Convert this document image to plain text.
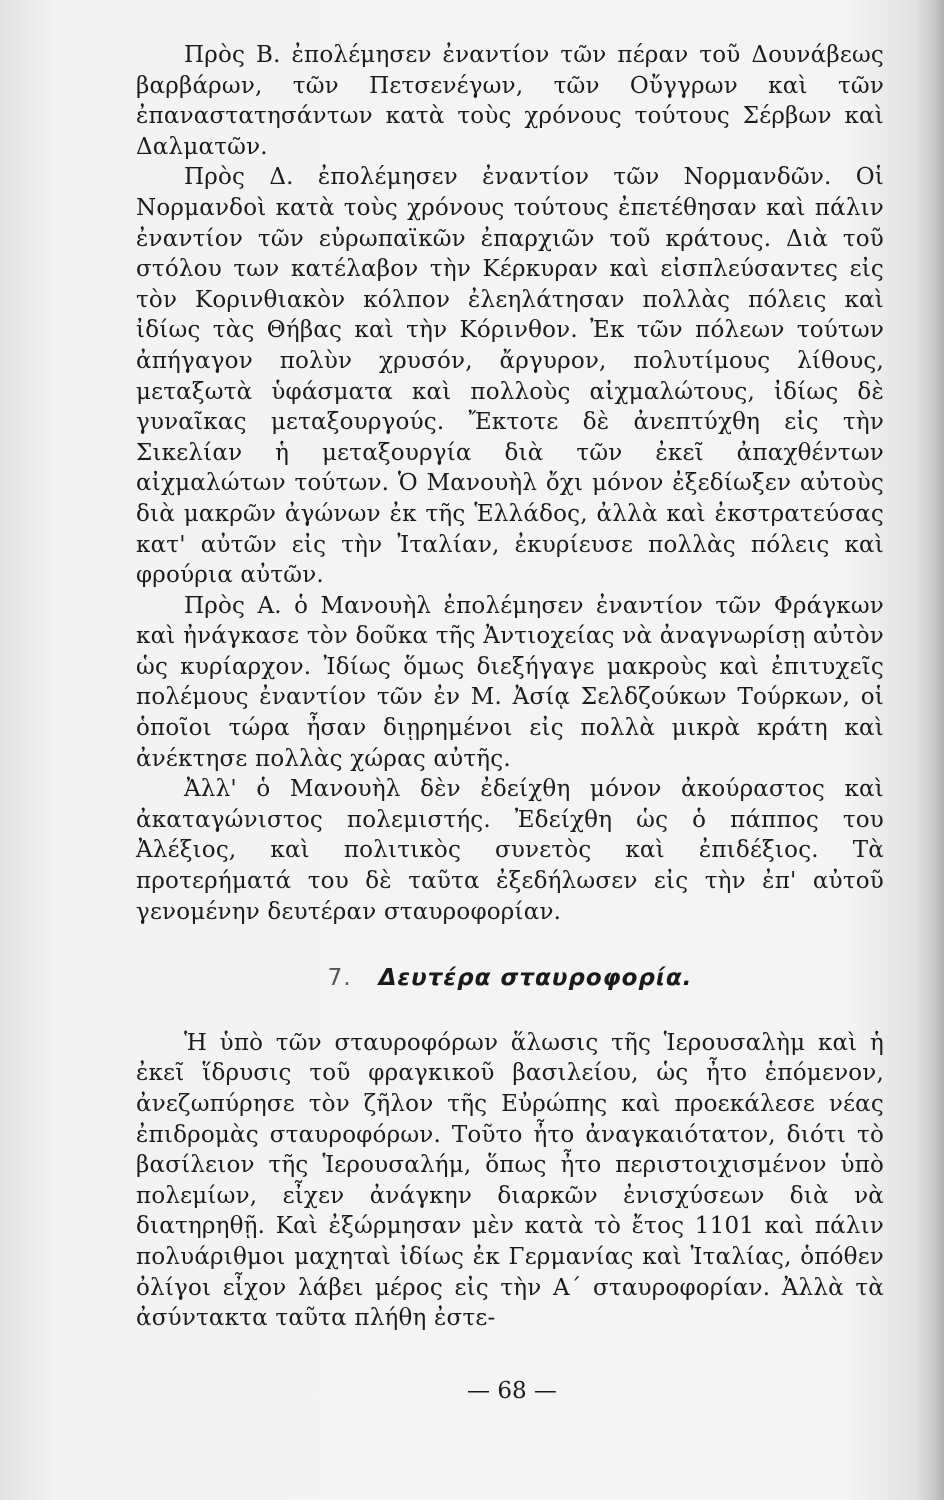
Πρὸς Β. ἐπολέμησεν ἐναντίον τῶν πέραν τοῦ Δουνάβεως βαρβάρων, τῶν Πετσενέγων, τῶν Οὔγγρων καὶ τῶν ἐπαναστατησάντων κατὰ τοὺς χρόνους τούτους Σέρβων καὶ Δαλματῶν.

Πρὸς Δ. ἐπολέμησεν ἐναντίον τῶν Νορμανδῶν. Οἱ Νορμανδοὶ κατὰ τοὺς χρόνους τούτους ἐπετέθησαν καὶ πάλιν ἐναντίον τῶν εὐρωπαϊκῶν ἐπαρχιῶν τοῦ κράτους. Διὰ τοῦ στόλου των κατέλαβον τὴν Κέρκυραν καὶ εἰσπλεύσαντες εἰς τὸν Κορινθιακὸν κόλπον ἐλεηλάτησαν πολλὰς πόλεις καὶ ἰδίως τὰς Θήβας καὶ τὴν Κόρινθον. Ἐκ τῶν πόλεων τούτων ἀπήγαγον πολὺν χρυσόν, ἄργυρον, πολυτίμους λίθους, μεταξωτὰ ὑφάσματα καὶ πολλοὺς αἰχμαλώτους, ἰδίως δὲ γυναῖκας μεταξουργούς. Ἔκτοτε δὲ ἀνεπτύχθη εἰς τὴν Σικελίαν ἡ μεταξουργία διὰ τῶν ἐκεῖ ἀπαχθέντων αἰχμαλώτων τούτων. Ὁ Μανουὴλ ὄχι μόνον ἐξεδίωξεν αὐτοὺς διὰ μακρῶν ἀγώνων ἐκ τῆς Ἑλλάδος, ἀλλὰ καὶ ἐκστρατεύσας κατ' αὐτῶν εἰς τὴν Ἰταλίαν, ἐκυρίευσε πολλὰς πόλεις καὶ φρούρια αὐτῶν.

Πρὸς Α. ὁ Μανουὴλ ἐπολέμησεν ἐναντίον τῶν Φράγκων καὶ ἠνάγκασε τὸν δοῦκα τῆς Ἀντιοχείας νὰ ἀναγνωρίσῃ αὐτὸν ὡς κυρίαρχον. Ἰδίως ὅμως διεξήγαγε μακροὺς καὶ ἐπιτυχεῖς πολέμους ἐναντίον τῶν ἐν Μ. Ἀσίᾳ Σελδζούκων Τούρκων, οἱ ὁποῖοι τώρα ἦσαν διῃρημένοι εἰς πολλὰ μικρὰ κράτη καὶ ἀνέκτησε πολλὰς χώρας αὐτῆς.

Ἀλλ' ὁ Μανουὴλ δὲν ἐδείχθη μόνον ἀκούραστος καὶ ἀκαταγώνιστος πολεμιστής. Ἐδείχθη ὡς ὁ πάππος του Ἀλέξιος, καὶ πολιτικὸς συνετὸς καὶ ἐπιδέξιος. Τὰ προτερήματά του δὲ ταῦτα ἐξεδήλωσεν εἰς τὴν ἐπ' αὐτοῦ γενομένην δευτέραν σταυροφορίαν.

7. Δευτέρα σταυροφορία.

Ἡ ὑπὸ τῶν σταυροφόρων ἅλωσις τῆς Ἱερουσαλὴμ καὶ ἡ ἐκεῖ ἵδρυσις τοῦ φραγκικοῦ βασιλείου, ὡς ἦτο ἑπόμενον, ἀνεζωπύρησε τὸν ζῆλον τῆς Εὐρώπης καὶ προεκάλεσε νέας ἐπιδρομὰς σταυροφόρων. Τοῦτο ἦτο ἀναγκαιότατον, διότι τὸ βασίλειον τῆς Ἱερουσαλήμ, ὅπως ἦτο περιστοιχισμένον ὑπὸ πολεμίων, εἶχεν ἀνάγκην διαρκῶν ἐνισχύσεων διὰ νὰ διατηρηθῇ. Καὶ ἐξώρμησαν μὲν κατὰ τὸ ἔτος 1101 καὶ πάλιν πολυάριθμοι μαχηταὶ ἰδίως ἐκ Γερμανίας καὶ Ἰταλίας, ὁπόθεν ὀλίγοι εἶχον λάβει μέρος εἰς τὴν Α΄ σταυροφορίαν. Ἀλλὰ τὰ ἀσύντακτα ταῦτα πλήθη ἐστε-

— 68 —
